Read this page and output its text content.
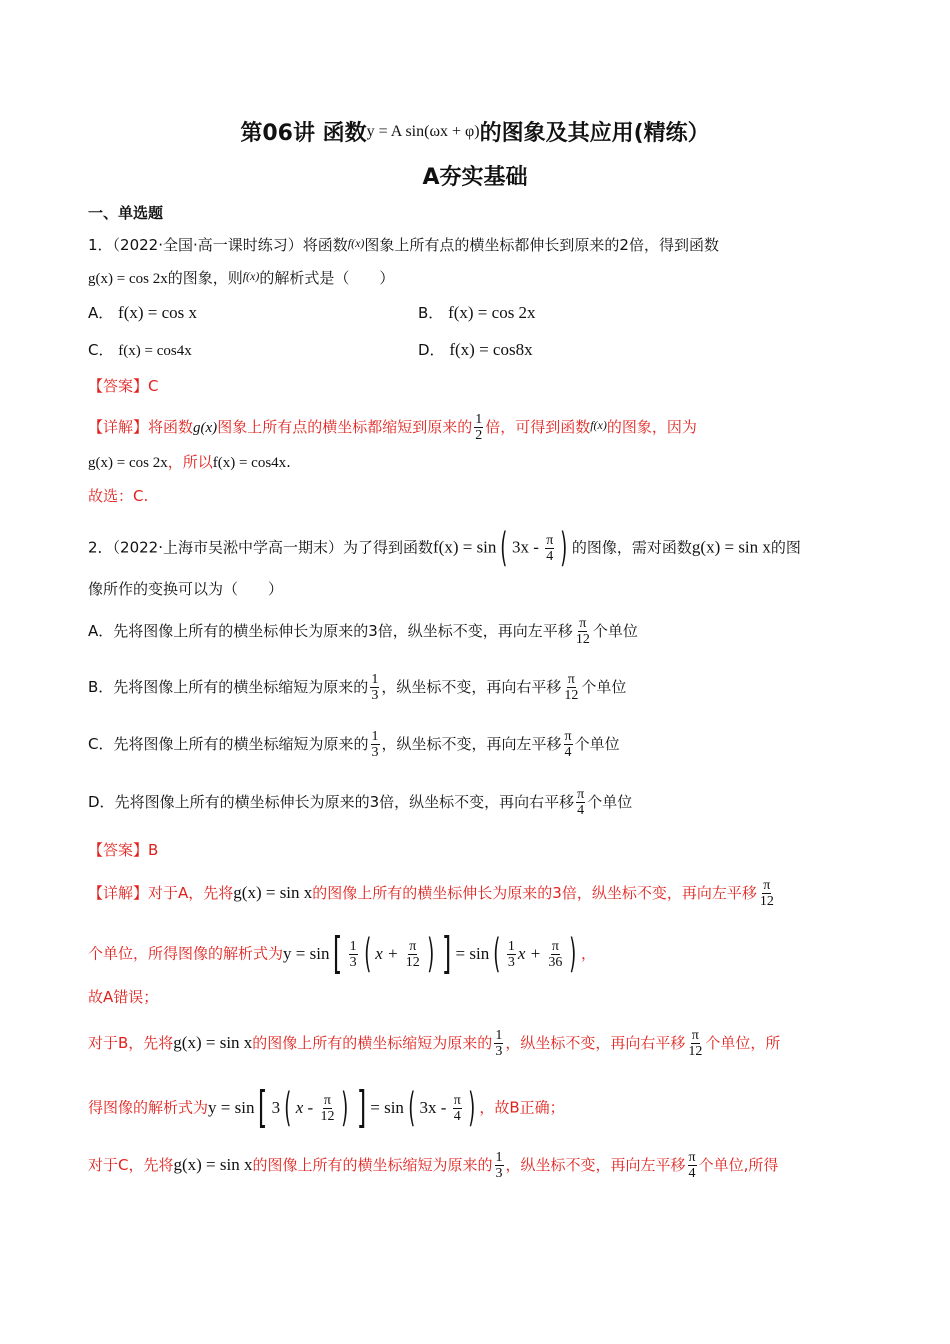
第06讲 函数y = A sin(ωx + φ)的图象及其应用(精练）
A夯实基础
一、单选题
1．（2022·全国·高一课时练习）将函数$^{f(x)}$图象上所有点的横坐标都伸长到原来的2倍，得到函数
g(x) = cos 2x的图象，则$^{f(x)}$的解析式是（　　）
A． f(x) = cos x	B． f(x) = cos 2x
C． f(x) = cos4x	D． f(x) = cos8x
【答案】C
【详解】将函数g(x)图象上所有点的横坐标都缩短到原来的 $\frac{1}{2}$ 倍，可得到函数$^{f(x)}$的图象，因为
g(x) = cos 2x，所以f(x) = cos4x.
故选：C.
2．（2022·上海市吴淞中学高一期末）为了得到函数f(x) = sin ( $3x - \frac{\pi}{4}$ ) 的图像，需对函数g(x) = sin x的图
像所作的变换可以为（　　）
A．先将图像上所有的横坐标伸长为原来的3倍，纵坐标不变，再向左平移 $\frac{\pi}{12}$ 个单位
B．先将图像上所有的横坐标缩短为原来的 $\frac{1}{3}$ ，纵坐标不变，再向右平移 $\frac{\pi}{12}$ 个单位
C．先将图像上所有的横坐标缩短为原来的 $\frac{1}{3}$ ，纵坐标不变，再向左平移 $\frac{\pi}{4}$ 个单位
D．先将图像上所有的横坐标伸长为原来的3倍，纵坐标不变，再向右平移 $\frac{\pi}{4}$ 个单位
【答案】B
【详解】对于A，先将g(x) = sin x的图像上所有的横坐标伸长为原来的3倍，纵坐标不变，再向左平移 $\frac{\pi}{12}$
个单位，所得图像的解析式为$y = \sin[ \frac{1}{3}$ ( $x + \frac{\pi}{12}$ ) ] = sin ( $\frac{1}{3}$ $x + \frac{\pi}{36}$ ) ，
故A错误；
对于B，先将g(x) = sin x的图像上所有的横坐标缩短为原来的 $\frac{1}{3}$ ，纵坐标不变，再向右平移 $\frac{\pi}{12}$ 个单位，所
得图像的解析式为y = sin[ 3 ( x - $\frac{\pi}{12}$ ) ] = sin ( $3x - \frac{\pi}{4}$ ) ，故B正确；
对于C，先将g(x) = sin x的图像上所有的横坐标缩短为原来的 $\frac{1}{3}$ ，纵坐标不变，再向左平移 $\frac{\pi}{4}$ 个单位,所得
